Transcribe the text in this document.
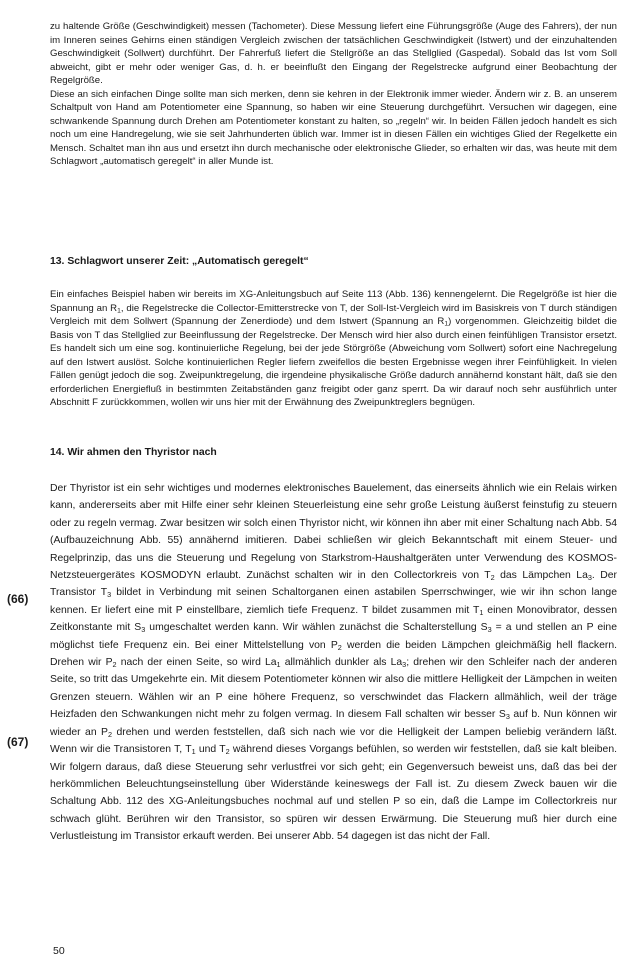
zu haltende Größe (Geschwindigkeit) messen (Tachometer). Diese Messung liefert eine Führungsgröße (Auge des Fahrers), der nun im Inneren seines Gehirns einen ständigen Vergleich zwischen der tatsächlichen Geschwindigkeit (Istwert) und der einzuhaltenden Geschwindigkeit (Sollwert) durchführt. Der Fahrerfuß liefert die Stellgröße an das Stellglied (Gaspedal). Sobald das Ist vom Soll abweicht, gibt er mehr oder weniger Gas, d. h. er beeinflußt den Eingang der Regelstrecke aufgrund einer Beobachtung der Regelgröße.

Diese an sich einfachen Dinge sollte man sich merken, denn sie kehren in der Elektronik immer wieder. Ändern wir z. B. an unserem Schaltpult von Hand am Potentiometer eine Spannung, so haben wir eine Steuerung durchgeführt. Versuchen wir dagegen, eine schwankende Spannung durch Drehen am Potentiometer konstant zu halten, so „regeln“ wir. In beiden Fällen jedoch handelt es sich noch um eine Handregelung, wie sie seit Jahrhunderten üblich war. Immer ist in diesen Fällen ein wichtiges Glied der Regelkette ein Mensch. Schaltet man ihn aus und ersetzt ihn durch mechanische oder elektronische Glieder, so erhalten wir das, was heute mit dem Schlagwort „automatisch geregelt“ in aller Munde ist.

13. Schlagwort unserer Zeit: „Automatisch geregelt“

Ein einfaches Beispiel haben wir bereits im XG-Anleitungsbuch auf Seite 113 (Abb. 136) kennengelernt. Die Regelgröße ist hier die Spannung an $R_1$, die Regelstrecke die Collector-Emitterstrecke von T, der Soll-Ist-Vergleich wird im Basiskreis von T durch ständigen Vergleich mit dem Sollwert (Spannung der Zenerdiode) und dem Istwert (Spannung an $R_1$) vorgenommen. Gleichzeitig bildet die Basis von T das Stellglied zur Beeinflussung der Regelstrecke. Der Mensch wird hier also durch einen feinfühligen Transistor ersetzt. Es handelt sich um eine sog. kontinuierliche Regelung, bei der jede Störgröße (Abweichung vom Sollwert) sofort eine Nachregelung auf den Istwert auslöst. Solche kontinuierlichen Regler liefern zweifellos die besten Ergebnisse wegen ihrer Feinfühligkeit. In vielen Fällen genügt jedoch die sog. Zweipunktregelung, die irgendeine physikalische Größe dadurch annähernd konstant hält, daß sie den erforderlichen Energiefluß in bestimmten Zeitabständen ganz freigibt oder ganz sperrt. Da wir darauf noch sehr ausführlich unter Abschnitt F zurückkommen, wollen wir uns hier mit der Erwähnung des Zweipunktreglers begnügen.

14. Wir ahmen den Thyristor nach

Der Thyristor ist ein sehr wichtiges und modernes elektronisches Bauelement, das einerseits ähnlich wie ein Relais wirken kann, andererseits aber mit Hilfe einer sehr kleinen Steuerleistung eine sehr große Leistung äußerst feinstufig zu steuern oder zu regeln vermag. Zwar besitzen wir solch einen Thyristor nicht, wir können ihn aber mit einer Schaltung nach Abb. 54 (Aufbauzeichnung Abb. 55) annähernd imitieren. Dabei schließen wir gleich Bekanntschaft mit einem Steuer- und Regelprinzip, das uns die Steuerung und Regelung von Starkstrom-Haushaltgeräten unter Verwendung des KOSMOS-Netzsteuergerätes KOSMODYN erlaubt. Zunächst schalten wir in den Collectorkreis von $T_2$ das Lämpchen $La_3$. Der Transistor $T_3$ bildet in Verbindung mit seinen Schaltorganen einen astabilen Sperrschwinger, wie wir ihn schon lange kennen. Er liefert eine mit P einstellbare, ziemlich tiefe Frequenz. T bildet zusammen mit $T_1$ einen Monovibrator, dessen Zeitkonstante mit $S_3$ umgeschaltet werden kann. Wir wählen zunächst die Schalterstellung $S_3 = a$ und stellen an P eine möglichst tiefe Frequenz ein. Bei einer Mittelstellung von $P_2$ werden die beiden Lämpchen gleichmäßig hell flackern. Drehen wir $P_2$ nach der einen Seite, so wird $La_1$ allmählich dunkler als $La_3$; drehen wir den Schleifer nach der anderen Seite, so tritt das Umgekehrte ein. Mit diesem Potentiometer können wir also die mittlere Helligkeit der Lämpchen in weiten Grenzen steuern. Wählen wir an P eine höhere Frequenz, so verschwindet das Flackern allmählich, weil der träge Heizfaden den Schwankungen nicht mehr zu folgen vermag. In diesem Fall schalten wir besser $S_3$ auf b. Nun können wir wieder an $P_2$ drehen und werden feststellen, daß sich nach wie vor die Helligkeit der Lampen beliebig verändern läßt. Wenn wir die Transistoren T, $T_1$ und $T_2$ während dieses Vorgangs befühlen, so werden wir feststellen, daß sie kalt bleiben. Wir folgern daraus, daß diese Steuerung sehr verlustfrei vor sich geht; ein Gegenversuch beweist uns, daß das bei der herkömmlichen Beleuchtungseinstellung über Widerstände keineswegs der Fall ist. Zu diesem Zweck bauen wir die Schaltung Abb. 112 des XG-Anleitungsbuches nochmal auf und stellen P so ein, daß die Lampe im Collectorkreis nur schwach glüht. Berühren wir den Transistor, so spüren wir dessen Erwärmung. Die Steuerung muß hier durch eine Verlustleistung im Transistor erkauft werden. Bei unserer Abb. 54 dagegen ist das nicht der Fall.

(66)
(67)
50
